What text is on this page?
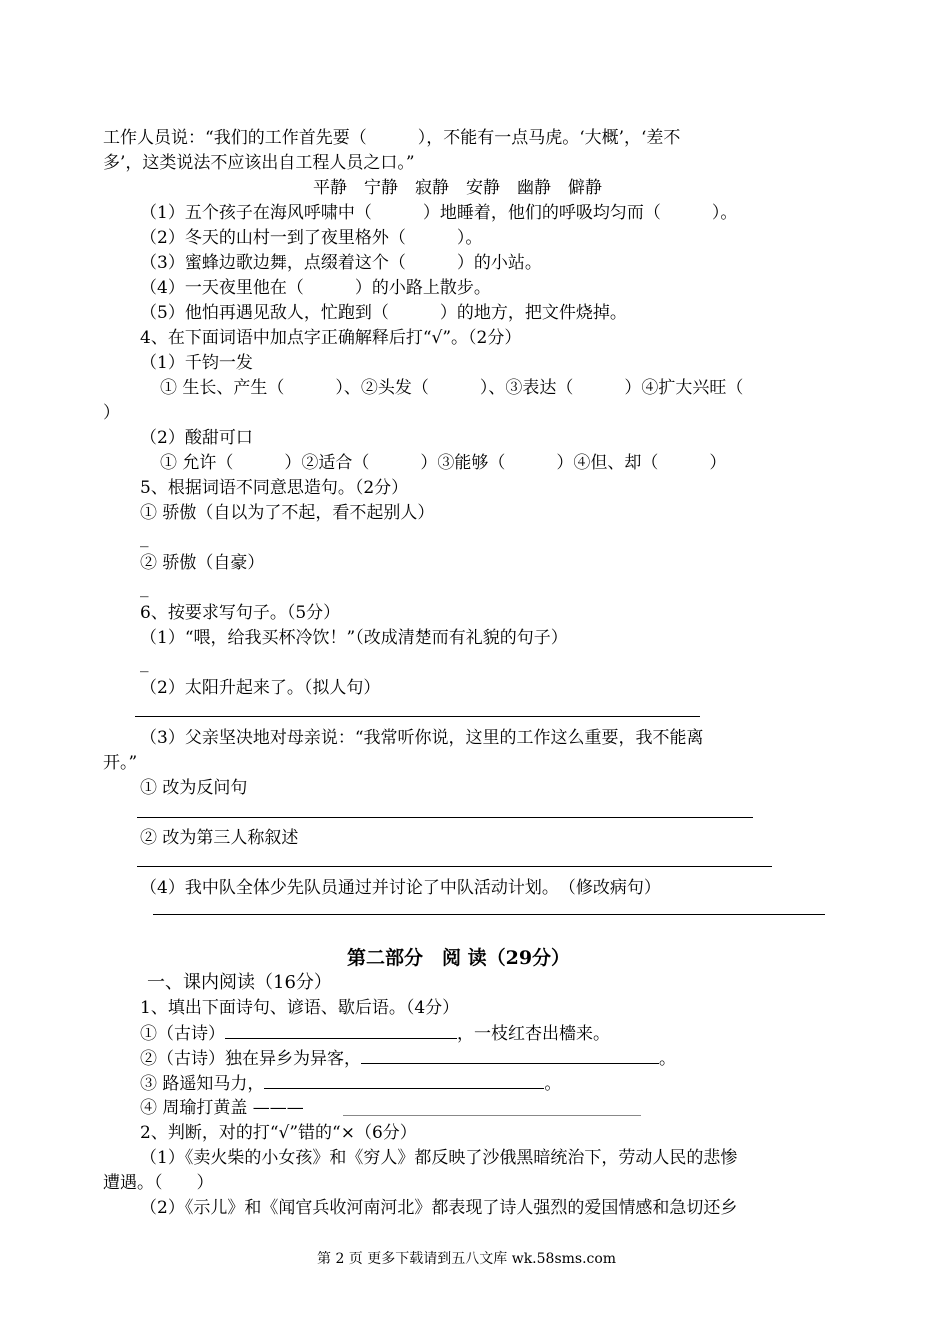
工作人员说：“我们的工作首先要（　　　），不能有一点马虎。‘大概’，‘差不
多’，这类说法不应该出自工程人员之口。”
平静　宁静　寂静　安静　幽静　僻静
（1）五个孩子在海风呼啸中（　　　）地睡着，他们的呼吸均匀而（　　　）。
（2）冬天的山村一到了夜里格外（　　　）。
（3）蜜蜂边歌边舞，点缀着这个（　　　）的小站。
（4）一天夜里他在（　　　）的小路上散步。
（5）他怕再遇见敌人，忙跑到（　　　）的地方，把文件烧掉。
4、在下面词语中加点字正确解释后打“√”。（2分）
（1）千钧一发
① 生长、产生（　　　）、②头发（　　　）、③表达（　　　）④扩大兴旺（
）
（2）酸甜可口
① 允许（　　　）②适合（　　　）③能够（　　　）④但、却（　　　）
5、根据词语不同意思造句。（2分）
① 骄傲（自以为了不起，看不起别人）
_
② 骄傲（自豪）
_
6、按要求写句子。（5分）
（1）“喂，给我买杯冷饮！”（改成清楚而有礼貌的句子）
_
（2）太阳升起来了。（拟人句）
（3）父亲坚决地对母亲说：“我常听你说，这里的工作这么重要，我不能离
开。”
① 改为反问句
② 改为第三人称叙述
（4）我中队全体少先队员通过并讨论了中队活动计划。　（修改病句）
第二部分　阅 读（29分）
一、课内阅读（16分）
1、填出下面诗句、谚语、歇后语。（4分）
①（古诗）	，一枝红杏出檣来。
②（古诗）独在异乡为异客，	。
③ 路遥知马力，	。
④ 周瑜打黄盖 ———
2、判断，对的打“√”错的“×（6分）
（1）《卖火柴的小女孩》和《穷人》都反映了沙俄黑暗统治下，劳动人民的悲惨
遭遇。（　　）
（2）《示儿》和《闻官兵收河南河北》都表现了诗人强烈的爱国情感和急切还乡
第 2 页 更多下载请到五八文库 wk.58sms.com
